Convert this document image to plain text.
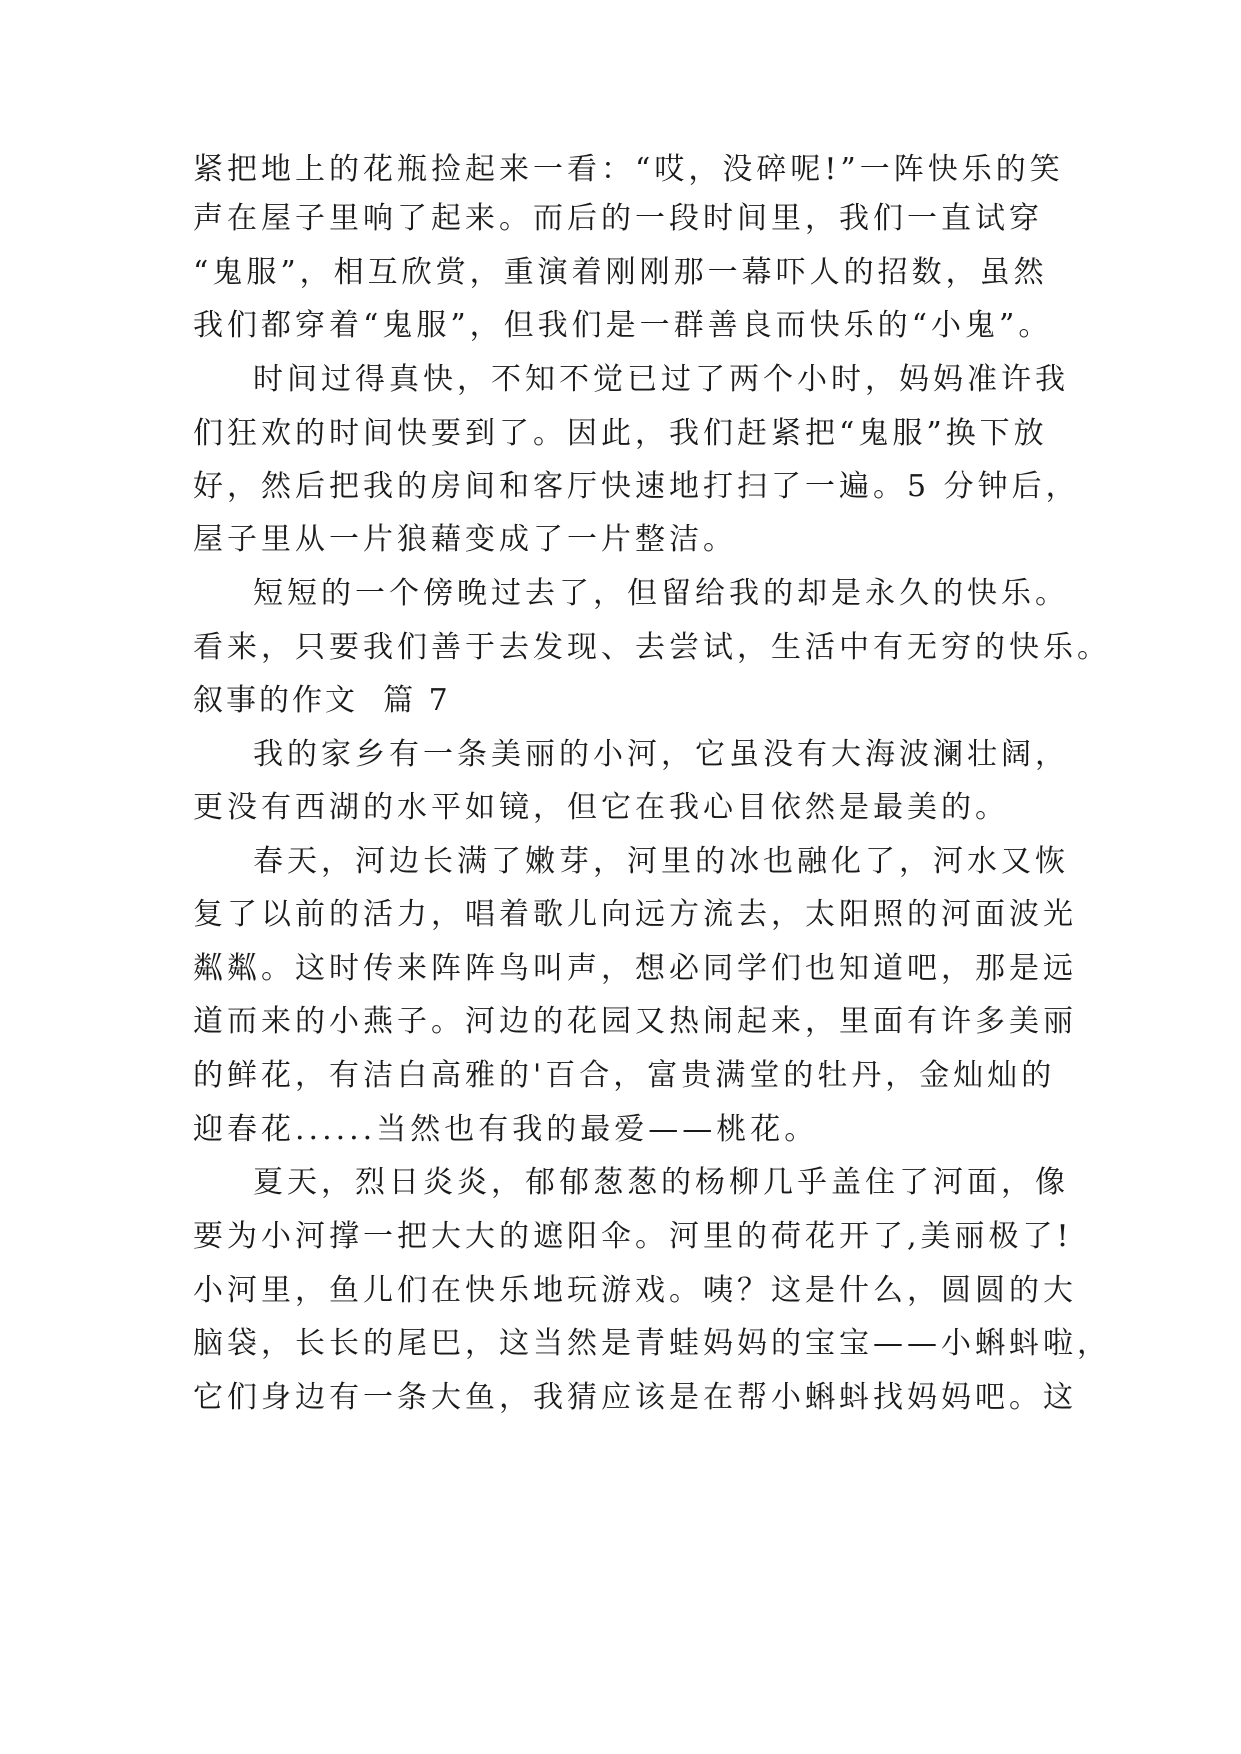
紧把地上的花瓶捡起来一看：“哎，没碎呢!”一阵快乐的笑
声在屋子里响了起来。而后的一段时间里，我们一直试穿
“鬼服”，相互欣赏，重演着刚刚那一幕吓人的招数，虽然
我们都穿着“鬼服”，但我们是一群善良而快乐的“小鬼”。
时间过得真快，不知不觉已过了两个小时，妈妈准许我
们狂欢的时间快要到了。因此，我们赶紧把“鬼服”换下放
好，然后把我的房间和客厅快速地打扫了一遍。5 分钟后，
屋子里从一片狼藉变成了一片整洁。
短短的一个傍晚过去了，但留给我的却是永久的快乐。
看来，只要我们善于去发现、去尝试，生活中有无穷的快乐。
叙事的作文  篇 7
我的家乡有一条美丽的小河，它虽没有大海波澜壮阔，
更没有西湖的水平如镜，但它在我心目依然是最美的。
春天，河边长满了嫩芽，河里的冰也融化了，河水又恢
复了以前的活力，唱着歌儿向远方流去，太阳照的河面波光
粼粼。这时传来阵阵鸟叫声，想必同学们也知道吧，那是远
道而来的小燕子。河边的花园又热闹起来，里面有许多美丽
的鲜花，有洁白高雅的'百合，富贵满堂的牡丹，金灿灿的
迎春花......当然也有我的最爱——桃花。
夏天，烈日炎炎，郁郁葱葱的杨柳几乎盖住了河面，像
要为小河撑一把大大的遮阳伞。河里的荷花开了,美丽极了!
小河里，鱼儿们在快乐地玩游戏。咦？这是什么，圆圆的大
脑袋，长长的尾巴，这当然是青蛙妈妈的宝宝——小蝌蚪啦，
它们身边有一条大鱼，我猜应该是在帮小蝌蚪找妈妈吧。这
